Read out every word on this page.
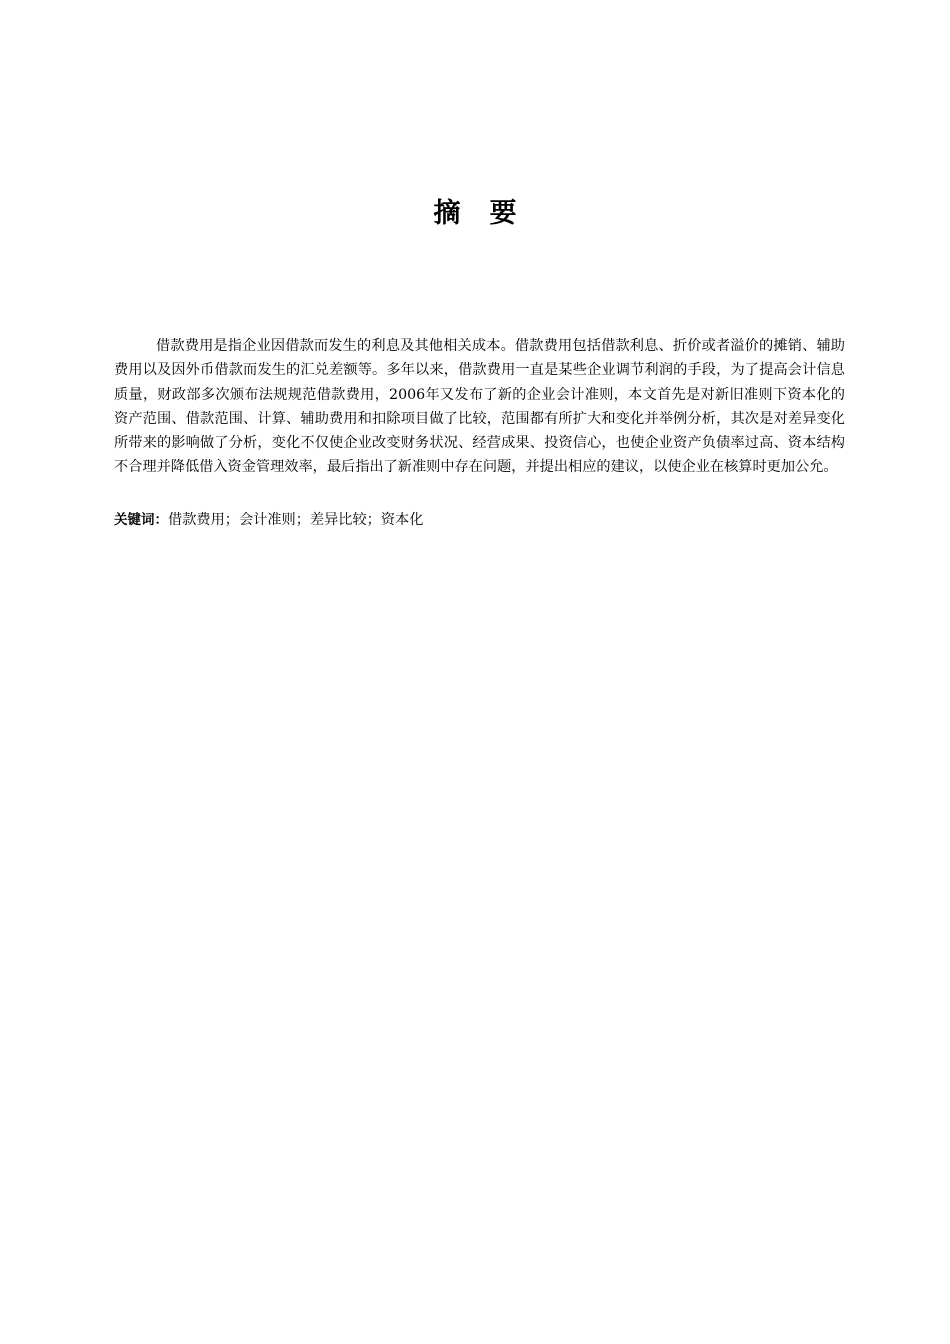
摘要

借款费用是指企业因借款而发生的利息及其他相关成本。借款费用包括借款利息、折价或者溢价的摊销、辅助费用以及因外币借款而发生的汇兑差额等。多年以来，借款费用一直是某些企业调节利润的手段，为了提高会计信息质量，财政部多次颁布法规规范借款费用，2006年又发布了新的企业会计准则，本文首先是对新旧准则下资本化的资产范围、借款范围、计算、辅助费用和扣除项目做了比较，范围都有所扩大和变化并举例分析，其次是对差异变化所带来的影响做了分析，变化不仅使企业改变财务状况、经营成果、投资信心，也使企业资产负债率过高、资本结构不合理并降低借入资金管理效率，最后指出了新准则中存在问题，并提出相应的建议，以使企业在核算时更加公允。

关键词：借款费用；会计准则；差异比较；资本化
